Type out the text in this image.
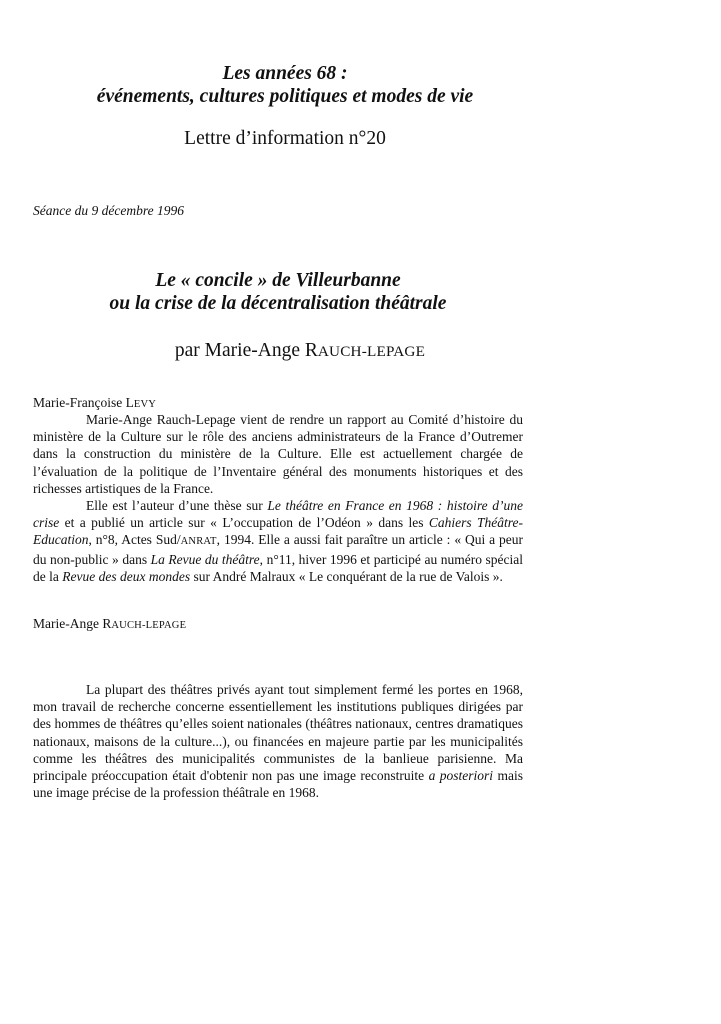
Les années 68 :
événements, cultures politiques et modes de vie
Lettre d’information n°20
Séance du 9 décembre 1996
Le « concile » de Villeurbanne
ou la crise de la décentralisation théâtrale
par Marie-Ange RAUCH-LEPAGE
Marie-Françoise LEVY

Marie-Ange Rauch-Lepage vient de rendre un rapport au Comité d’histoire du ministère de la Culture sur le rôle des anciens administrateurs de la France d’Outremer dans la construction du ministère de la Culture. Elle est actuellement chargée de l’évaluation de la politique de l’Inventaire général des monuments historiques et des richesses artistiques de la France.

Elle est l’auteur d’une thèse sur Le théâtre en France en 1968 : histoire d’une crise et a publié un article sur « L’occupation de l’Odéon » dans les Cahiers Théâtre-Education, n°8, Actes Sud/ANRAT, 1994. Elle a aussi fait paraître un article : « Qui a peur du non-public » dans La Revue du théâtre, n°11, hiver 1996 et participé au numéro spécial de la Revue des deux mondes sur André Malraux « Le conquérant de la rue de Valois ».

Marie-Ange RAUCH-LEPAGE

La plupart des théâtres privés ayant tout simplement fermé les portes en 1968, mon travail de recherche concerne essentiellement les institutions publiques dirigées par des hommes de théâtres qu’elles soient nationales (théâtres nationaux, centres dramatiques nationaux, maisons de la culture...), ou financées en majeure partie par les municipalités comme les théâtres des municipalités communistes de la banlieue parisienne. Ma principale préoccupation était d'obtenir non pas une image reconstruite a posteriori mais une image précise de la profession théâtrale en 1968.
